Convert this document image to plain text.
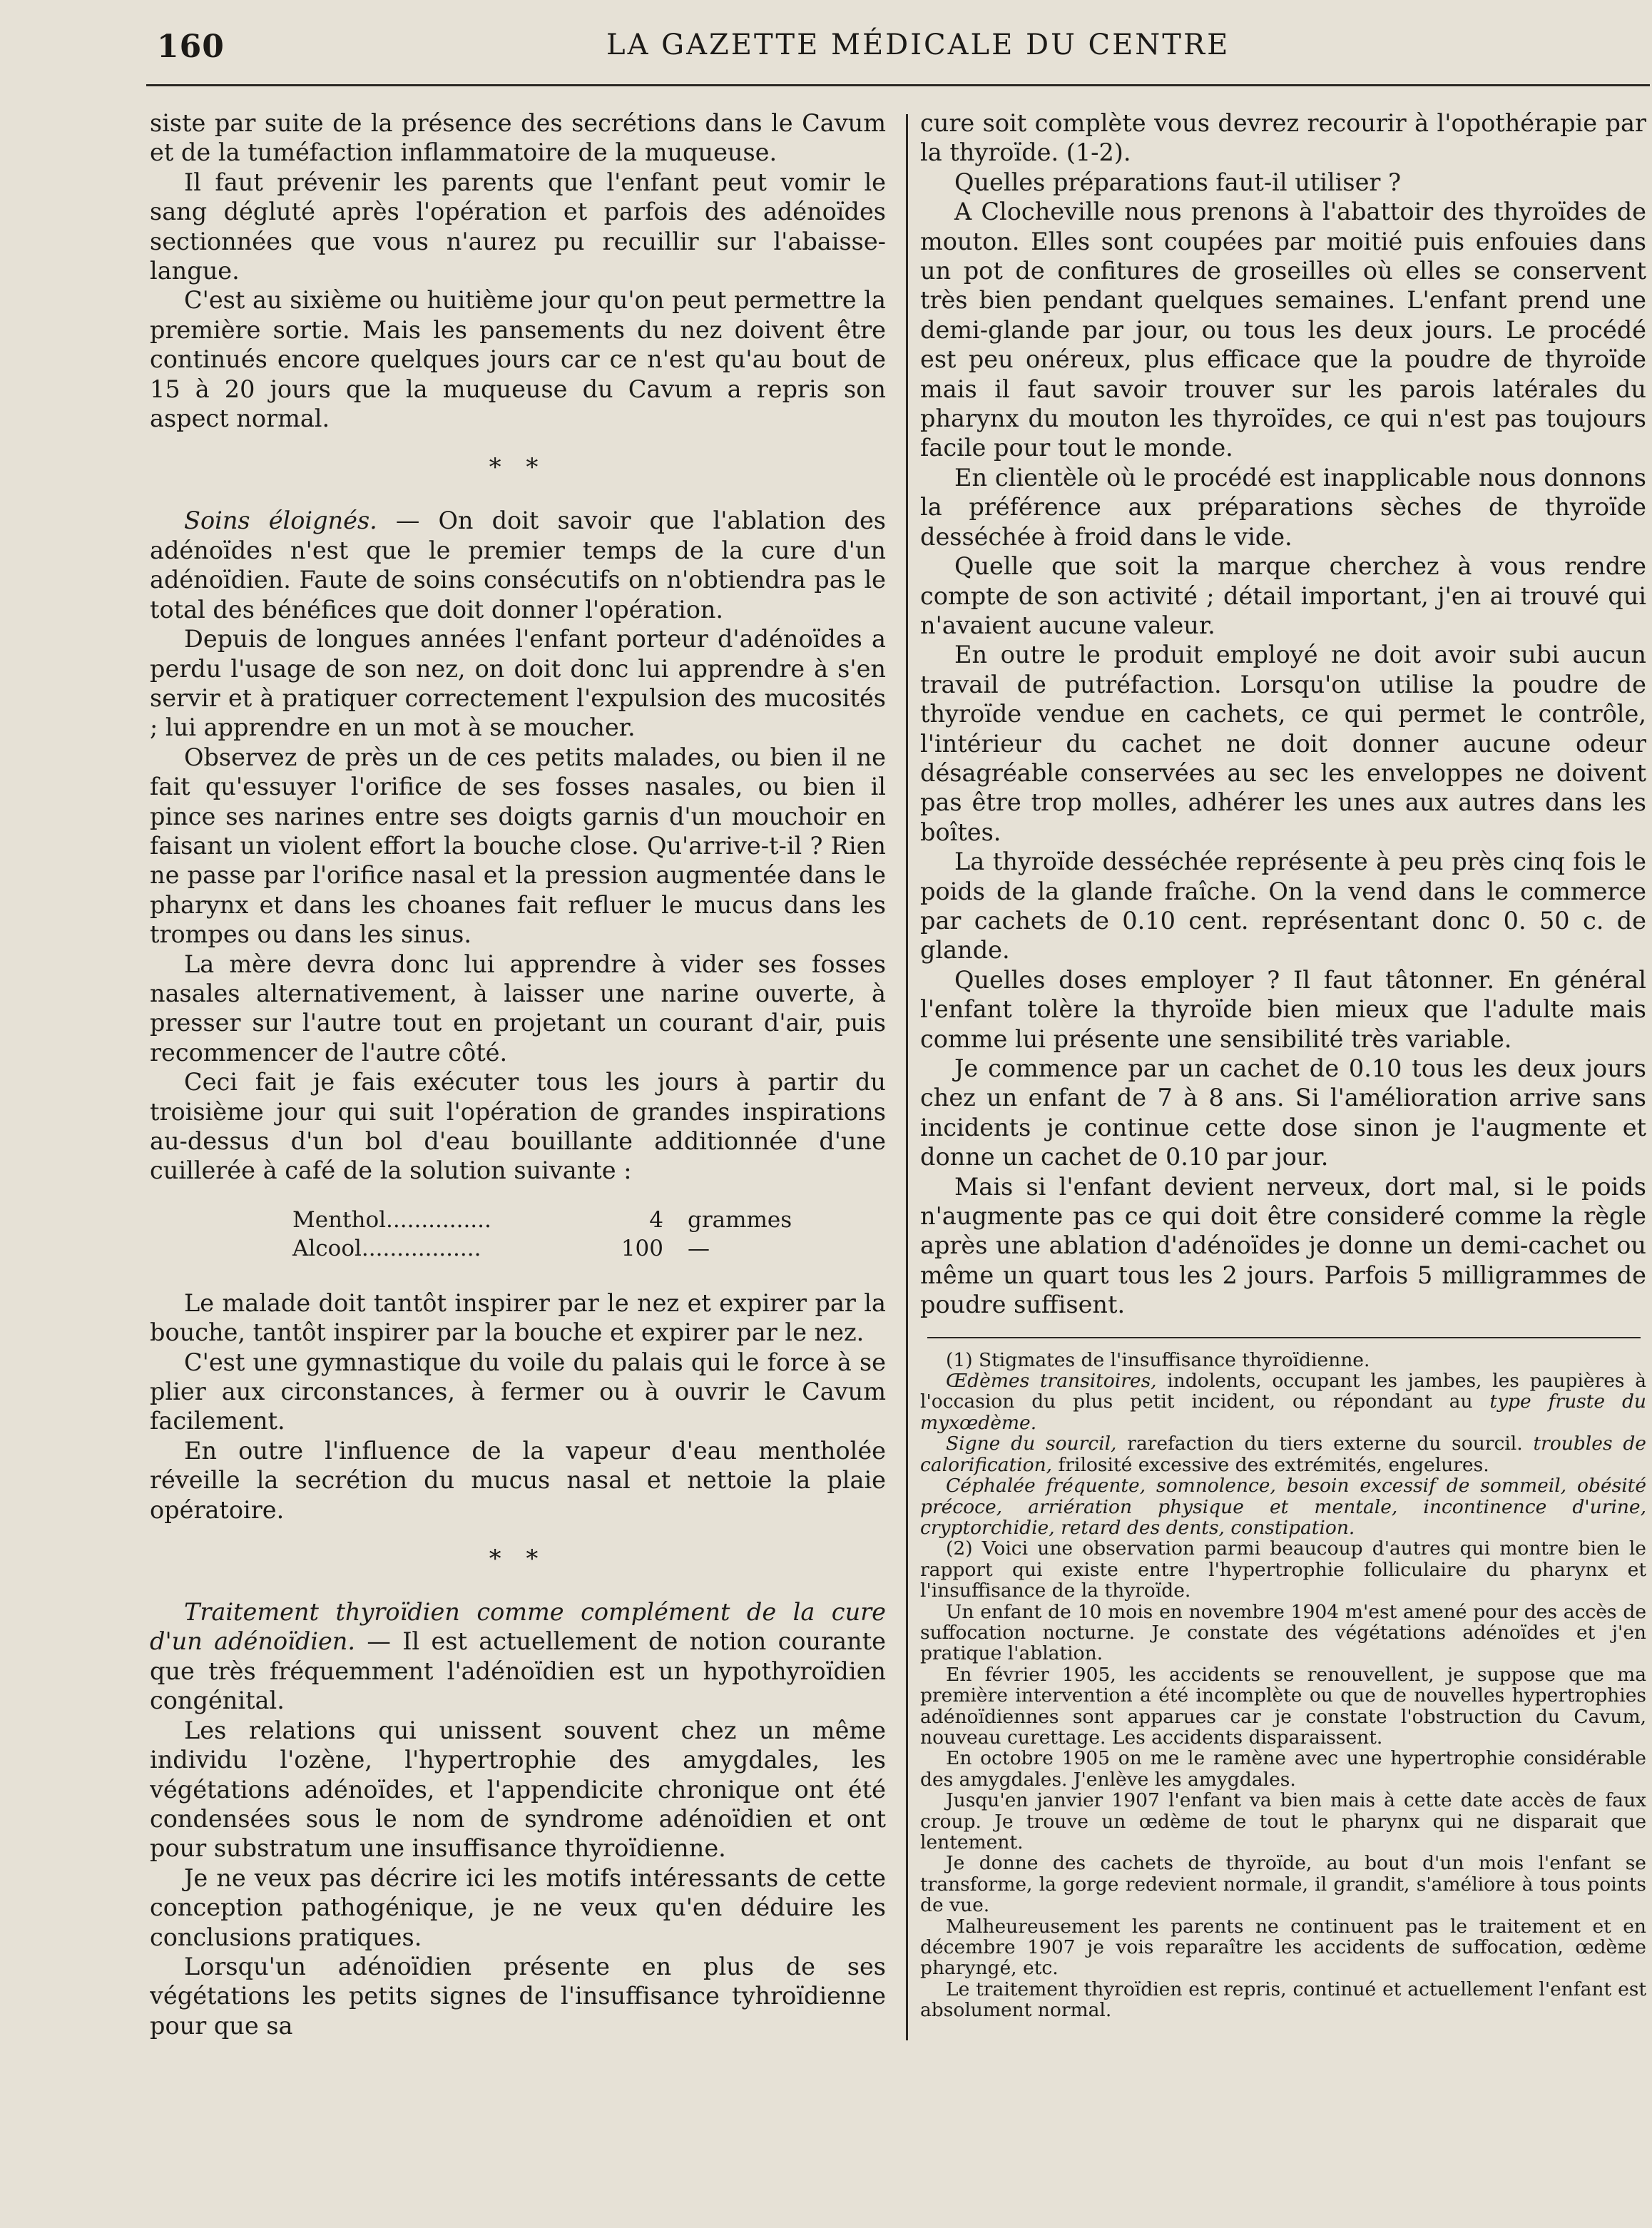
160	LA GAZETTE MÉDICALE DU CENTRE

siste par suite de la présence des secrétions dans le Cavum et de la tuméfaction inflammatoire de la muqueuse.

Il faut prévenir les parents que l'enfant peut vomir le sang dégluté après l'opération et parfois des adénoïdes sectionnées que vous n'aurez pu recuillir sur l'abaisse-langue.

C'est au sixième ou huitième jour qu'on peut permettre la première sortie. Mais les pansements du nez doivent être continués encore quelques jours car ce n'est qu'au bout de 15 à 20 jours que la muqueuse du Cavum a repris son aspect normal.

* *

Soins éloignés. — On doit savoir que l'ablation des adénoïdes n'est que le premier temps de la cure d'un adénoïdien. Faute de soins consécutifs on n'obtiendra pas le total des bénéfices que doit donner l'opération.

Depuis de longues années l'enfant porteur d'adénoïdes a perdu l'usage de son nez, on doit donc lui apprendre à s'en servir et à pratiquer correctement l'expulsion des mucosités ; lui apprendre en un mot à se moucher.

Observez de près un de ces petits malades, ou bien il ne fait qu'essuyer l'orifice de ses fosses nasales, ou bien il pince ses narines entre ses doigts garnis d'un mouchoir en faisant un violent effort la bouche close. Qu'arrive-t-il ? Rien ne passe par l'orifice nasal et la pression augmentée dans le pharynx et dans les choanes fait refluer le mucus dans les trompes ou dans les sinus.

La mère devra donc lui apprendre à vider ses fosses nasales alternativement, à laisser une narine ouverte, à presser sur l'autre tout en projetant un courant d'air, puis recommencer de l'autre côté.

Ceci fait je fais exécuter tous les jours à partir du troisième jour qui suit l'opération de grandes inspirations au-dessus d'un bol d'eau bouillante additionnée d'une cuillerée à café de la solution suivante :

Menthol...............	4	grammes
Alcool.................	100	—

Le malade doit tantôt inspirer par le nez et expirer par la bouche, tantôt inspirer par la bouche et expirer par le nez.

C'est une gymnastique du voile du palais qui le force à se plier aux circonstances, à fermer ou à ouvrir le Cavum facilement.

En outre l'influence de la vapeur d'eau mentholée réveille la secrétion du mucus nasal et nettoie la plaie opératoire.

* *

Traitement thyroïdien comme complément de la cure d'un adénoïdien. — Il est actuellement de notion courante que très fréquemment l'adénoïdien est un hypothyroïdien congénital.

Les relations qui unissent souvent chez un même individu l'ozène, l'hypertrophie des amygdales, les végétations adénoïdes, et l'appendicite chronique ont été condensées sous le nom de syndrome adénoïdien et ont pour substratum une insuffisance thyroïdienne.

Je ne veux pas décrire ici les motifs intéressants de cette conception pathogénique, je ne veux qu'en déduire les conclusions pratiques.

Lorsqu'un adénoïdien présente en plus de ses végétations les petits signes de l'insuffisance tyhroïdienne pour que sa

cure soit complète vous devrez recourir à l'opothérapie par la thyroïde. (1-2).

Quelles préparations faut-il utiliser ?

A Clocheville nous prenons à l'abattoir des thyroïdes de mouton. Elles sont coupées par moitié puis enfouies dans un pot de confitures de groseilles où elles se conservent très bien pendant quelques semaines. L'enfant prend une demi-glande par jour, ou tous les deux jours. Le procédé est peu onéreux, plus efficace que la poudre de thyroïde mais il faut savoir trouver sur les parois latérales du pharynx du mouton les thyroïdes, ce qui n'est pas toujours facile pour tout le monde.

En clientèle où le procédé est inapplicable nous donnons la préférence aux préparations sèches de thyroïde desséchée à froid dans le vide.

Quelle que soit la marque cherchez à vous rendre compte de son activité ; détail important, j'en ai trouvé qui n'avaient aucune valeur.

En outre le produit employé ne doit avoir subi aucun travail de putréfaction. Lorsqu'on utilise la poudre de thyroïde vendue en cachets, ce qui permet le contrôle, l'intérieur du cachet ne doit donner aucune odeur désagréable conservées au sec les enveloppes ne doivent pas être trop molles, adhérer les unes aux autres dans les boîtes.

La thyroïde desséchée représente à peu près cinq fois le poids de la glande fraîche. On la vend dans le commerce par cachets de 0.10 cent. représentant donc 0. 50 c. de glande.

Quelles doses employer ? Il faut tâtonner. En général l'enfant tolère la thyroïde bien mieux que l'adulte mais comme lui présente une sensibilité très variable.

Je commence par un cachet de 0.10 tous les deux jours chez un enfant de 7 à 8 ans. Si l'amélioration arrive sans incidents je continue cette dose sinon je l'augmente et donne un cachet de 0.10 par jour.

Mais si l'enfant devient nerveux, dort mal, si le poids n'augmente pas ce qui doit être consideré comme la règle après une ablation d'adénoïdes je donne un demi-cachet ou même un quart tous les 2 jours. Parfois 5 milligrammes de poudre suffisent.

(1) Stigmates de l'insuffisance thyroïdienne.

Œdèmes transitoires, indolents, occupant les jambes, les paupières à l'occasion du plus petit incident, ou répondant au type fruste du myxœdème.

Signe du sourcil, rarefaction du tiers externe du sourcil. troubles de calorification, frilosité excessive des extrémités, engelures.

Céphalée fréquente, somnolence, besoin excessif de sommeil, obésité précoce, arriération physique et mentale, incontinence d'urine, cryptorchidie, retard des dents, constipation.

(2) Voici une observation parmi beaucoup d'autres qui montre bien le rapport qui existe entre l'hypertrophie folliculaire du pharynx et l'insuffisance de la thyroïde.

Un enfant de 10 mois en novembre 1904 m'est amené pour des accès de suffocation nocturne. Je constate des végétations adénoïdes et j'en pratique l'ablation.

En février 1905, les accidents se renouvellent, je suppose que ma première intervention a été incomplète ou que de nouvelles hypertrophies adénoïdiennes sont apparues car je constate l'obstruction du Cavum, nouveau curettage. Les accidents disparaissent.

En octobre 1905 on me le ramène avec une hypertrophie considérable des amygdales. J'enlève les amygdales.

Jusqu'en janvier 1907 l'enfant va bien mais à cette date accès de faux croup. Je trouve un œdème de tout le pharynx qui ne disparait que lentement.

Je donne des cachets de thyroïde, au bout d'un mois l'enfant se transforme, la gorge redevient normale, il grandit, s'améliore à tous points de vue.

Malheureusement les parents ne continuent pas le traitement et en décembre 1907 je vois reparaître les accidents de suffocation, œdème pharyngé, etc.

Le traitement thyroïdien est repris, continué et actuellement l'enfant est absolument normal.
